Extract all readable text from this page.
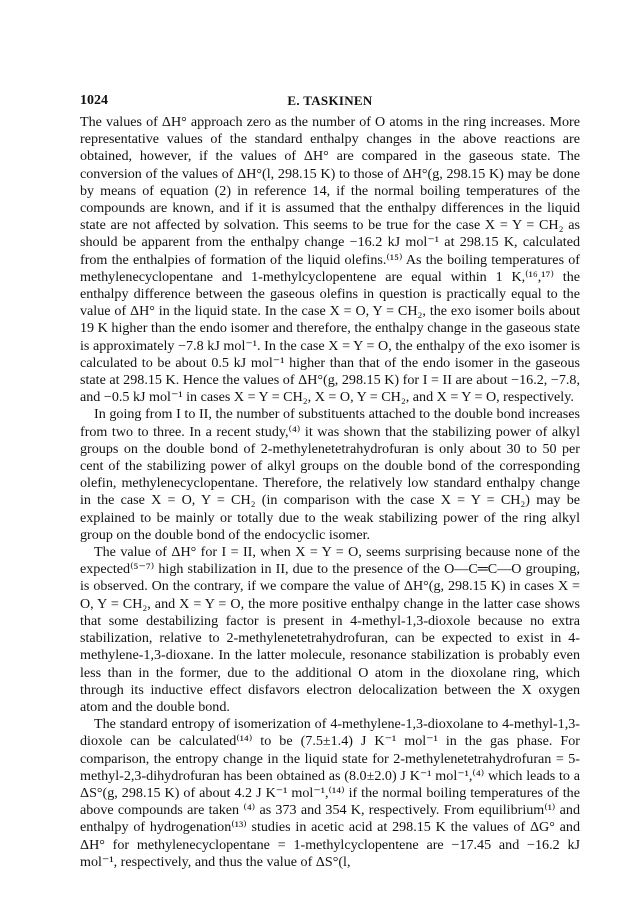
1024	E. TASKINEN

The values of ΔH° approach zero as the number of O atoms in the ring increases. More representative values of the standard enthalpy changes in the above reactions are obtained, however, if the values of ΔH° are compared in the gaseous state. The conversion of the values of ΔH°(l, 298.15 K) to those of ΔH°(g, 298.15 K) may be done by means of equation (2) in reference 14, if the normal boiling temperatures of the compounds are known, and if it is assumed that the enthalpy differences in the liquid state are not affected by solvation. This seems to be true for the case X = Y = CH₂ as should be apparent from the enthalpy change −16.2 kJ mol⁻¹ at 298.15 K, calculated from the enthalpies of formation of the liquid olefins.⁽¹⁵⁾ As the boiling temperatures of methylenecyclopentane and 1-methylcyclopentene are equal within 1 K,⁽¹⁶,¹⁷⁾ the enthalpy difference between the gaseous olefins in question is practically equal to the value of ΔH° in the liquid state. In the case X = O, Y = CH₂, the exo isomer boils about 19 K higher than the endo isomer and therefore, the enthalpy change in the gaseous state is approximately −7.8 kJ mol⁻¹. In the case X = Y = O, the enthalpy of the exo isomer is calculated to be about 0.5 kJ mol⁻¹ higher than that of the endo isomer in the gaseous state at 298.15 K. Hence the values of ΔH°(g, 298.15 K) for I = II are about −16.2, −7.8, and −0.5 kJ mol⁻¹ in cases X = Y = CH₂, X = O, Y = CH₂, and X = Y = O, respectively.

In going from I to II, the number of substituents attached to the double bond increases from two to three. In a recent study,⁽⁴⁾ it was shown that the stabilizing power of alkyl groups on the double bond of 2-methylenetetrahydrofuran is only about 30 to 50 per cent of the stabilizing power of alkyl groups on the double bond of the corresponding olefin, methylenecyclopentane. Therefore, the relatively low standard enthalpy change in the case X = O, Y = CH₂ (in comparison with the case X = Y = CH₂) may be explained to be mainly or totally due to the weak stabilizing power of the ring alkyl group on the double bond of the endocyclic isomer.

The value of ΔH° for I = II, when X = Y = O, seems surprising because none of the expected⁽⁵⁻⁷⁾ high stabilization in II, due to the presence of the O—C═C—O grouping, is observed. On the contrary, if we compare the value of ΔH°(g, 298.15 K) in cases X = O, Y = CH₂, and X = Y = O, the more positive enthalpy change in the latter case shows that some destabilizing factor is present in 4-methyl-1,3-dioxole because no extra stabilization, relative to 2-methylenetetrahydrofuran, can be expected to exist in 4-methylene-1,3-dioxane. In the latter molecule, resonance stabilization is probably even less than in the former, due to the additional O atom in the dioxolane ring, which through its inductive effect disfavors electron delocalization between the X oxygen atom and the double bond.

The standard entropy of isomerization of 4-methylene-1,3-dioxolane to 4-methyl-1,3-dioxole can be calculated⁽¹⁴⁾ to be (7.5±1.4) J K⁻¹ mol⁻¹ in the gas phase. For comparison, the entropy change in the liquid state for 2-methylenetetrahydrofuran = 5-methyl-2,3-dihydrofuran has been obtained as (8.0±2.0) J K⁻¹ mol⁻¹,⁽⁴⁾ which leads to a ΔS°(g, 298.15 K) of about 4.2 J K⁻¹ mol⁻¹,⁽¹⁴⁾ if the normal boiling temperatures of the above compounds are taken ⁽⁴⁾ as 373 and 354 K, respectively. From equilibrium⁽¹⁾ and enthalpy of hydrogenation⁽¹³⁾ studies in acetic acid at 298.15 K the values of ΔG° and ΔH° for methylenecyclopentane = 1-methylcyclopentene are −17.45 and −16.2 kJ mol⁻¹, respectively, and thus the value of ΔS°(l,
